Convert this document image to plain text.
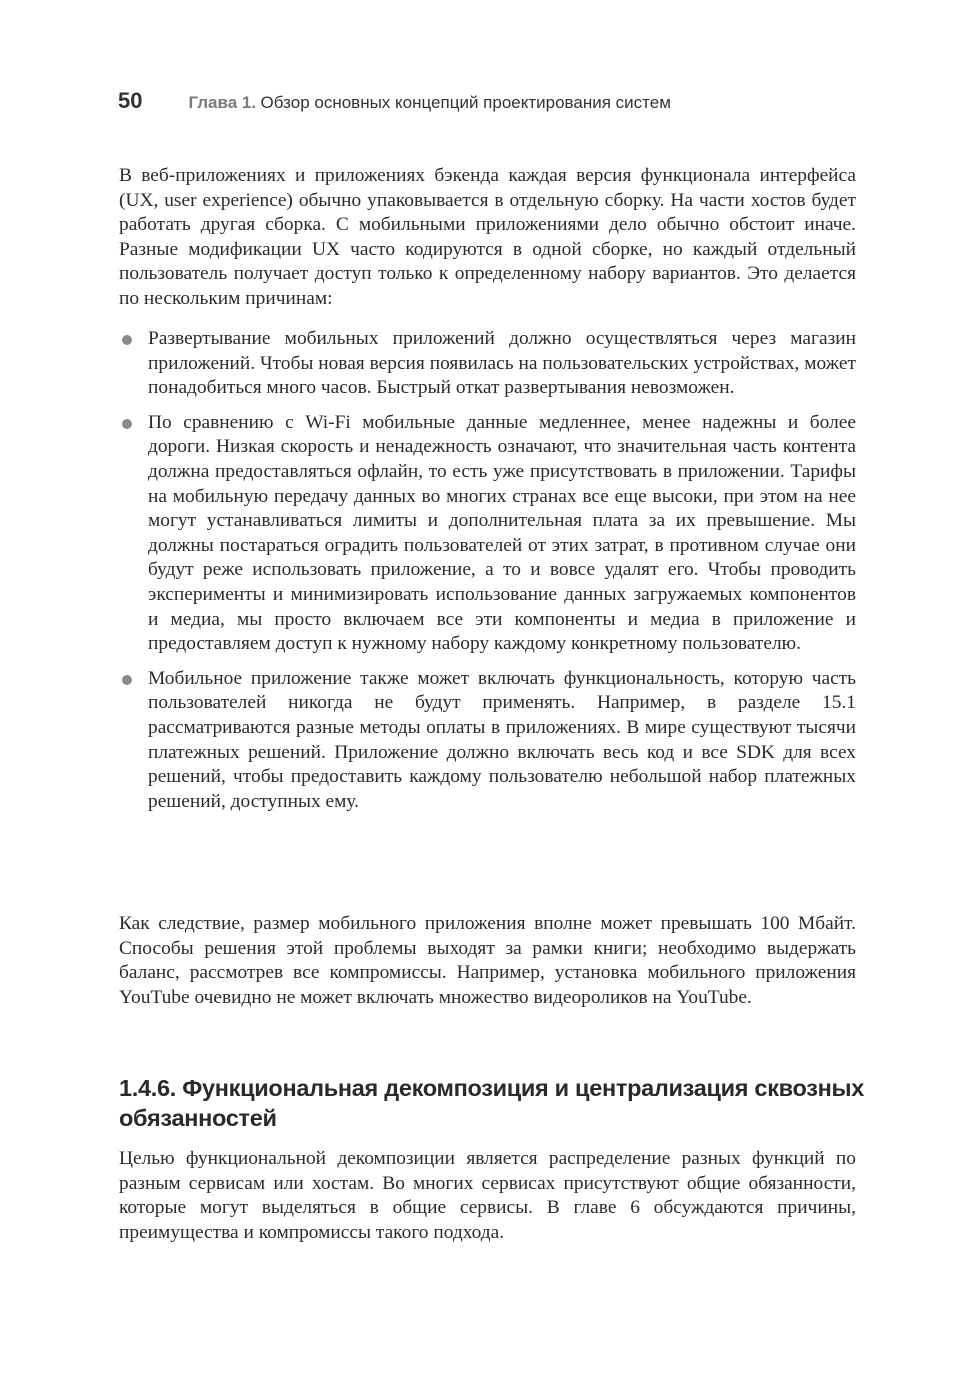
50	Глава 1. Обзор основных концепций проектирования систем

В веб-приложениях и приложениях бэкенда каждая версия функционала интерфейса (UX, user experience) обычно упаковывается в отдельную сборку. На части хостов будет работать другая сборка. С мобильными приложениями дело обычно обстоит иначе. Разные модификации UX часто кодируются в одной сборке, но каждый отдельный пользователь получает доступ только к определенному набору вариантов. Это делается по нескольким причинам:

Развертывание мобильных приложений должно осуществляться через магазин приложений. Чтобы новая версия появилась на пользовательских устройствах, может понадобиться много часов. Быстрый откат развертывания невозможен.
По сравнению с Wi-Fi мобильные данные медленнее, менее надежны и более дороги. Низкая скорость и ненадежность означают, что значительная часть контента должна предоставляться офлайн, то есть уже присутствовать в приложении. Тарифы на мобильную передачу данных во многих странах все еще высоки, при этом на нее могут устанавливаться лимиты и дополнительная плата за их превышение. Мы должны постараться оградить пользователей от этих затрат, в противном случае они будут реже использовать приложение, а то и вовсе удалят его. Чтобы проводить эксперименты и минимизировать использование данных загружаемых компонентов и медиа, мы просто включаем все эти компоненты и медиа в приложение и предоставляем доступ к нужному набору каждому конкретному пользователю.
Мобильное приложение также может включать функциональность, которую часть пользователей никогда не будут применять. Например, в разделе 15.1 рассматриваются разные методы оплаты в приложениях. В мире существуют тысячи платежных решений. Приложение должно включать весь код и все SDK для всех решений, чтобы предоставить каждому пользователю небольшой набор платежных решений, доступных ему.

Как следствие, размер мобильного приложения вполне может превышать 100 Мбайт. Способы решения этой проблемы выходят за рамки книги; необходимо выдержать баланс, рассмотрев все компромиссы. Например, установка мобильного приложения YouTube очевидно не может включать множество видеороликов на YouTube.

1.4.6. Функциональная декомпозиция и централизация сквозных обязанностей

Целью функциональной декомпозиции является распределение разных функций по разным сервисам или хостам. Во многих сервисах присутствуют общие обязанности, которые могут выделяться в общие сервисы. В главе 6 обсуждаются причины, преимущества и компромиссы такого подхода.
